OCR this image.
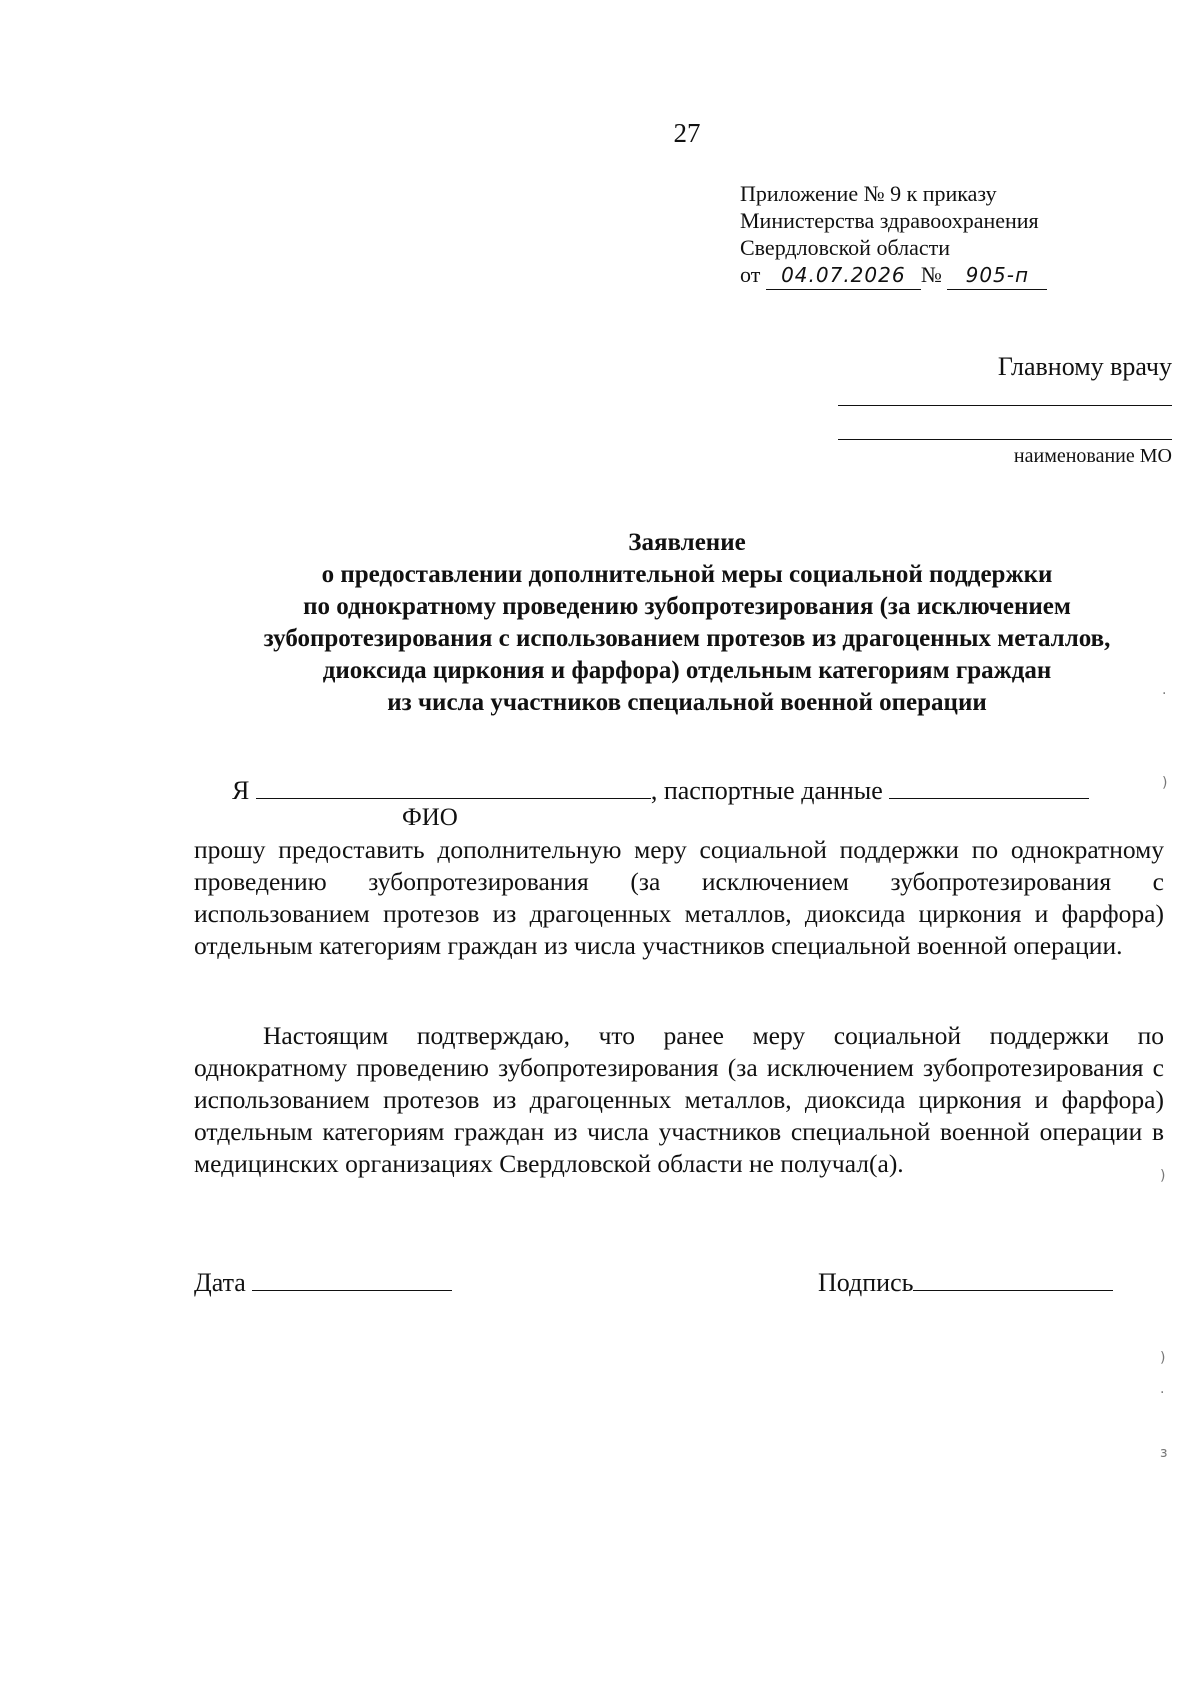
27
Приложение № 9 к приказу
Министерства здравоохранения
Свердловской области
от 04.07.2026 № 905-п
Главному врачу
наименование МО
Заявление
о предоставлении дополнительной меры социальной поддержки
по однократному проведению зубопротезирования (за исключением
зубопротезирования с использованием протезов из драгоценных металлов,
диоксида циркония и фарфора) отдельным категориям граждан
из числа участников специальной военной операции
Я	, паспортные данные
ФИО
прошу предоставить дополнительную меру социальной поддержки по однократному проведению зубопротезирования (за исключением зубопротезирования с использованием протезов из драгоценных металлов, диоксида циркония и фарфора) отдельным категориям граждан из числа участников специальной военной операции.
Настоящим подтверждаю, что ранее меру социальной поддержки по однократному проведению зубопротезирования (за исключением зубопротезирования с использованием протезов из драгоценных металлов, диоксида циркония и фарфора) отдельным категориям граждан из числа участников специальной военной операции в медицинских организациях Свердловской области не получал(а).
Дата	Подпись
·
)
)
)
·
ɜ
